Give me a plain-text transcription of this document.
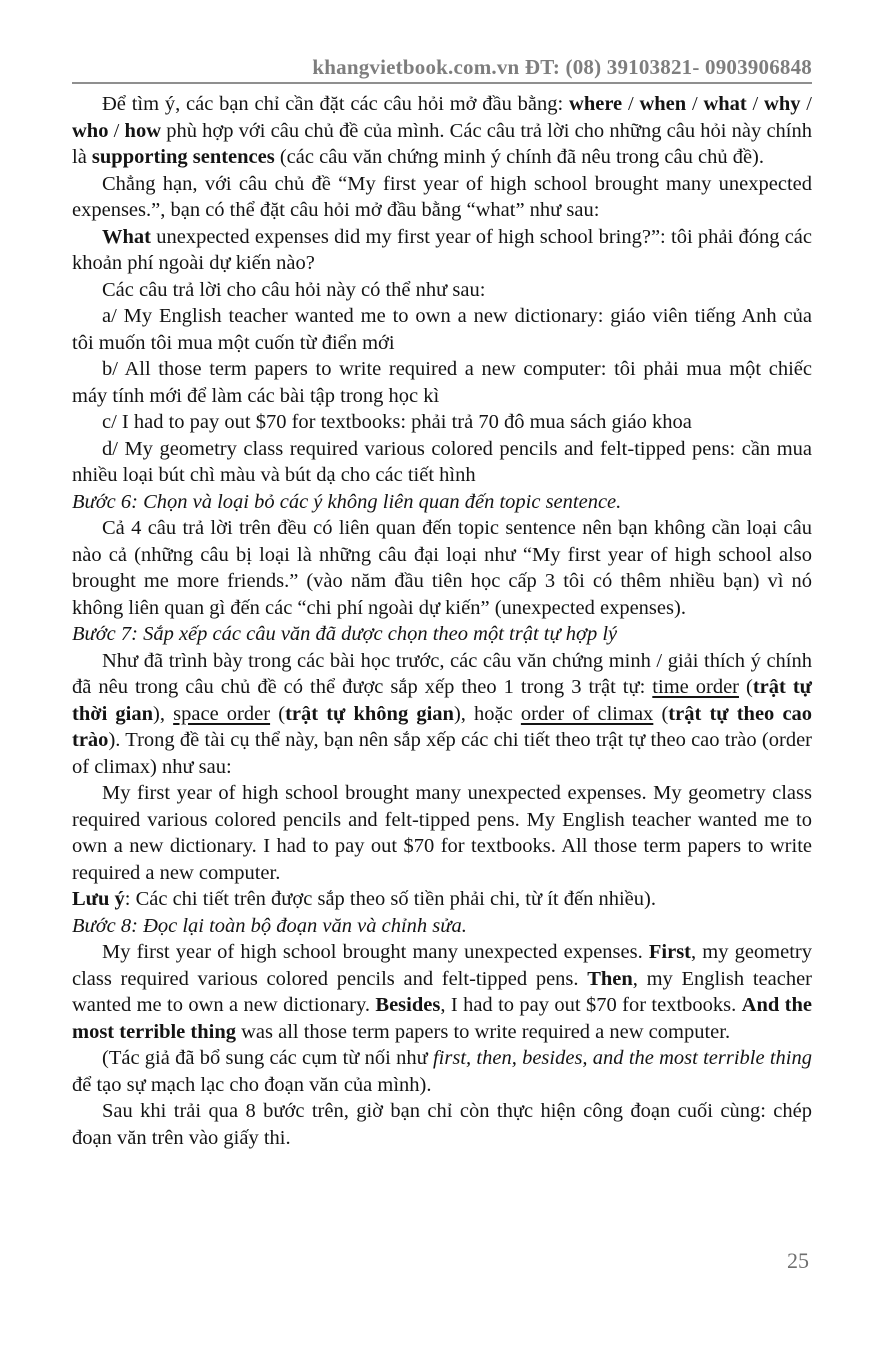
khangvietbook.com.vn ĐT: (08) 39103821- 0903906848

Để tìm ý, các bạn chỉ cần đặt các câu hỏi mở đầu bằng: where / when / what / why / who / how phù hợp với câu chủ đề của mình. Các câu trả lời cho những câu hỏi này chính là supporting sentences (các câu văn chứng minh ý chính đã nêu trong câu chủ đề).

Chẳng hạn, với câu chủ đề “My first year of high school brought many unexpected expenses.”, bạn có thể đặt câu hỏi mở đầu bằng “what” như sau:

What unexpected expenses did my first year of high school bring?”: tôi phải đóng các khoản phí ngoài dự kiến nào?

Các câu trả lời cho câu hỏi này có thể như sau:

a/ My English teacher wanted me to own a new dictionary: giáo viên tiếng Anh của tôi muốn tôi mua một cuốn từ điển mới

b/ All those term papers to write required a new computer: tôi phải mua một chiếc máy tính mới để làm các bài tập trong học kì

c/ I had to pay out $70 for textbooks: phải trả 70 đô mua sách giáo khoa

d/ My geometry class required various colored pencils and felt-tipped pens: cần mua nhiều loại bút chì màu và bút dạ cho các tiết hình

Bước 6: Chọn và loại bỏ các ý không liên quan đến topic sentence.

Cả 4 câu trả lời trên đều có liên quan đến topic sentence nên bạn không cần loại câu nào cả (những câu bị loại là những câu đại loại như “My first year of high school also brought me more friends.” (vào năm đầu tiên học cấp 3 tôi có thêm nhiều bạn) vì nó không liên quan gì đến các “chi phí ngoài dự kiến” (unexpected expenses).

Bước 7: Sắp xếp các câu văn đã dược chọn theo một trật tự hợp lý

Như đã trình bày trong các bài học trước, các câu văn chứng minh / giải thích ý chính đã nêu trong câu chủ đề có thể được sắp xếp theo 1 trong 3 trật tự: time order (trật tự thời gian), space order (trật tự không gian), hoặc order of climax (trật tự theo cao trào). Trong đề tài cụ thể này, bạn nên sắp xếp các chi tiết theo trật tự theo cao trào (order of climax) như sau:

My first year of high school brought many unexpected expenses. My geometry class required various colored pencils and felt-tipped pens. My English teacher wanted me to own a new dictionary. I had to pay out $70 for textbooks. All those term papers to write required a new computer.

Lưu ý: Các chi tiết trên được sắp theo số tiền phải chi, từ ít đến nhiều).

Bước 8: Đọc lại toàn bộ đoạn văn và chỉnh sửa.

My first year of high school brought many unexpected expenses. First, my geometry class required various colored pencils and felt-tipped pens. Then, my English teacher wanted me to own a new dictionary. Besides, I had to pay out $70 for textbooks. And the most terrible thing was all those term papers to write required a new computer.

(Tác giả đã bổ sung các cụm từ nối như first, then, besides, and the most terrible thing để tạo sự mạch lạc cho đoạn văn của mình).

Sau khi trải qua 8 bước trên, giờ bạn chỉ còn thực hiện công đoạn cuối cùng: chép đoạn văn trên vào giấy thi.

25
